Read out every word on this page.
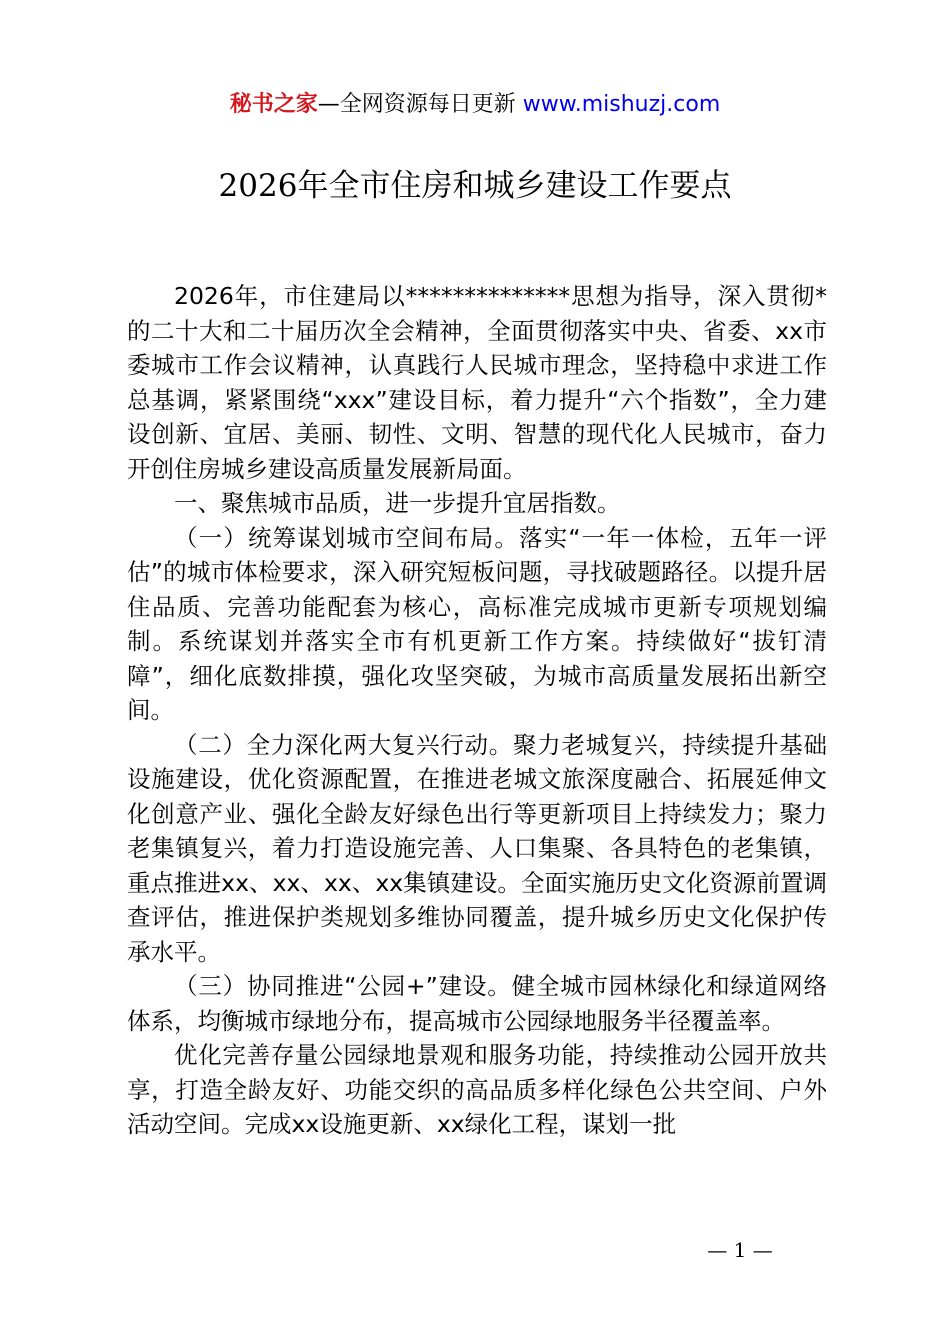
秘书之家—全网资源每日更新 www.mishuzj.com
2026年全市住房和城乡建设工作要点

2026年，市住建局以**************思想为指导，深入贯彻*的二十大和二十届历次全会精神，全面贯彻落实中央、省委、xx市委城市工作会议精神，认真践行人民城市理念，坚持稳中求进工作总基调，紧紧围绕“xxx”建设目标，着力提升“六个指数”，全力建设创新、宜居、美丽、韧性、文明、智慧的现代化人民城市，奋力开创住房城乡建设高质量发展新局面。

一、聚焦城市品质，进一步提升宜居指数。

（一）统筹谋划城市空间布局。落实“一年一体检，五年一评估”的城市体检要求，深入研究短板问题，寻找破题路径。以提升居住品质、完善功能配套为核心，高标准完成城市更新专项规划编制。系统谋划并落实全市有机更新工作方案。持续做好“拔钉清障”，细化底数排摸，强化攻坚突破，为城市高质量发展拓出新空间。

（二）全力深化两大复兴行动。聚力老城复兴，持续提升基础设施建设，优化资源配置，在推进老城文旅深度融合、拓展延伸文化创意产业、强化全龄友好绿色出行等更新项目上持续发力；聚力老集镇复兴，着力打造设施完善、人口集聚、各具特色的老集镇，重点推进xx、xx、xx、xx集镇建设。全面实施历史文化资源前置调查评估，推进保护类规划多维协同覆盖，提升城乡历史文化保护传承水平。

（三）协同推进“公园+”建设。健全城市园林绿化和绿道网络体系，均衡城市绿地分布，提高城市公园绿地服务半径覆盖率。

优化完善存量公园绿地景观和服务功能，持续推动公园开放共享，打造全龄友好、功能交织的高品质多样化绿色公共空间、户外活动空间。完成xx设施更新、xx绿化工程，谋划一批

— 1 —
